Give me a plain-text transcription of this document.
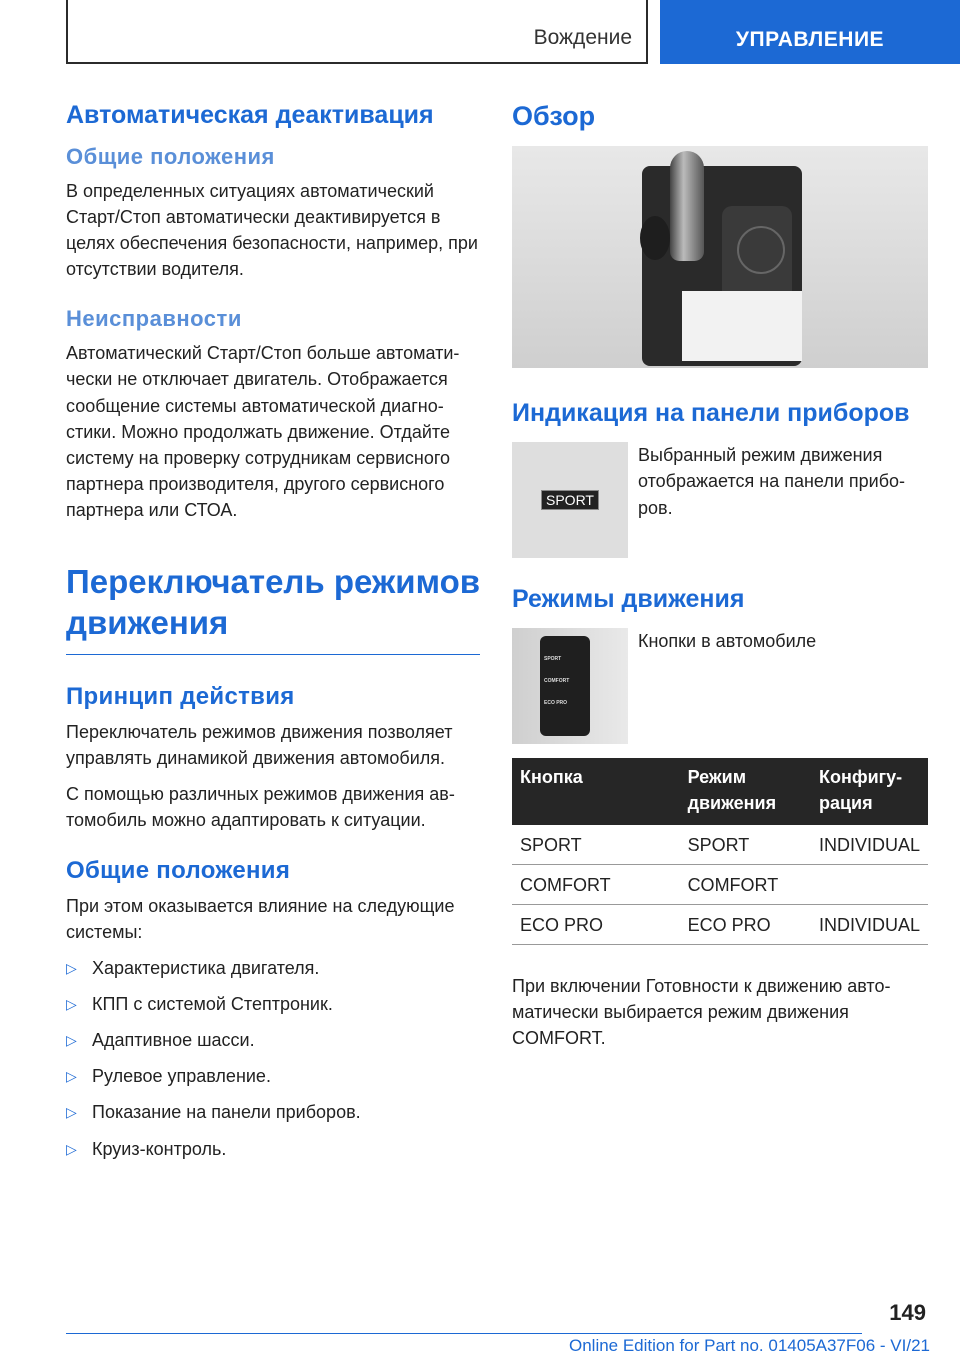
Вождение	УПРАВЛЕНИЕ
Автоматическая деактивация
Общие положения

В определенных ситуациях автоматический Старт/Стоп автоматически деактивируется в целях обеспечения безопасности, например, при отсутствии водителя.

Неисправности

Автоматический Старт/Стоп больше автоматически не отключает двигатель. Отображается сообщение системы автоматической диагностики. Можно продолжать движение. Отдайте систему на проверку сотрудникам сервисного партнера производителя, другого сервисного партнера или СТОА.

Переключатель режимов движения
Принцип действия

Переключатель режимов движения позволяет управлять динамикой движения автомобиля.

С помощью различных режимов движения автомобиль можно адаптировать к ситуации.

Общие положения

При этом оказывается влияние на следующие системы:

▷ Характеристика двигателя.
▷ КПП с системой Стептроник.
▷ Адаптивное шасси.
▷ Рулевое управление.
▷ Показание на панели приборов.
▷ Круиз-контроль.
Обзор
Индикация на панели приборов
SPORT

Выбранный режим движения отображается на панели приборов.

Режимы движения
SPORT
COMFORT
ECO PRO

Кнопки в автомобиле

Кнопка	Режим движения	Конфигурация
SPORT	SPORT	INDIVIDUAL
COMFORT	COMFORT	
ECO PRO	ECO PRO	INDIVIDUAL

При включении Готовности к движению автоматически выбирается режим движения COMFORT.

149
Online Edition for Part no. 01405A37F06 - VI/21
